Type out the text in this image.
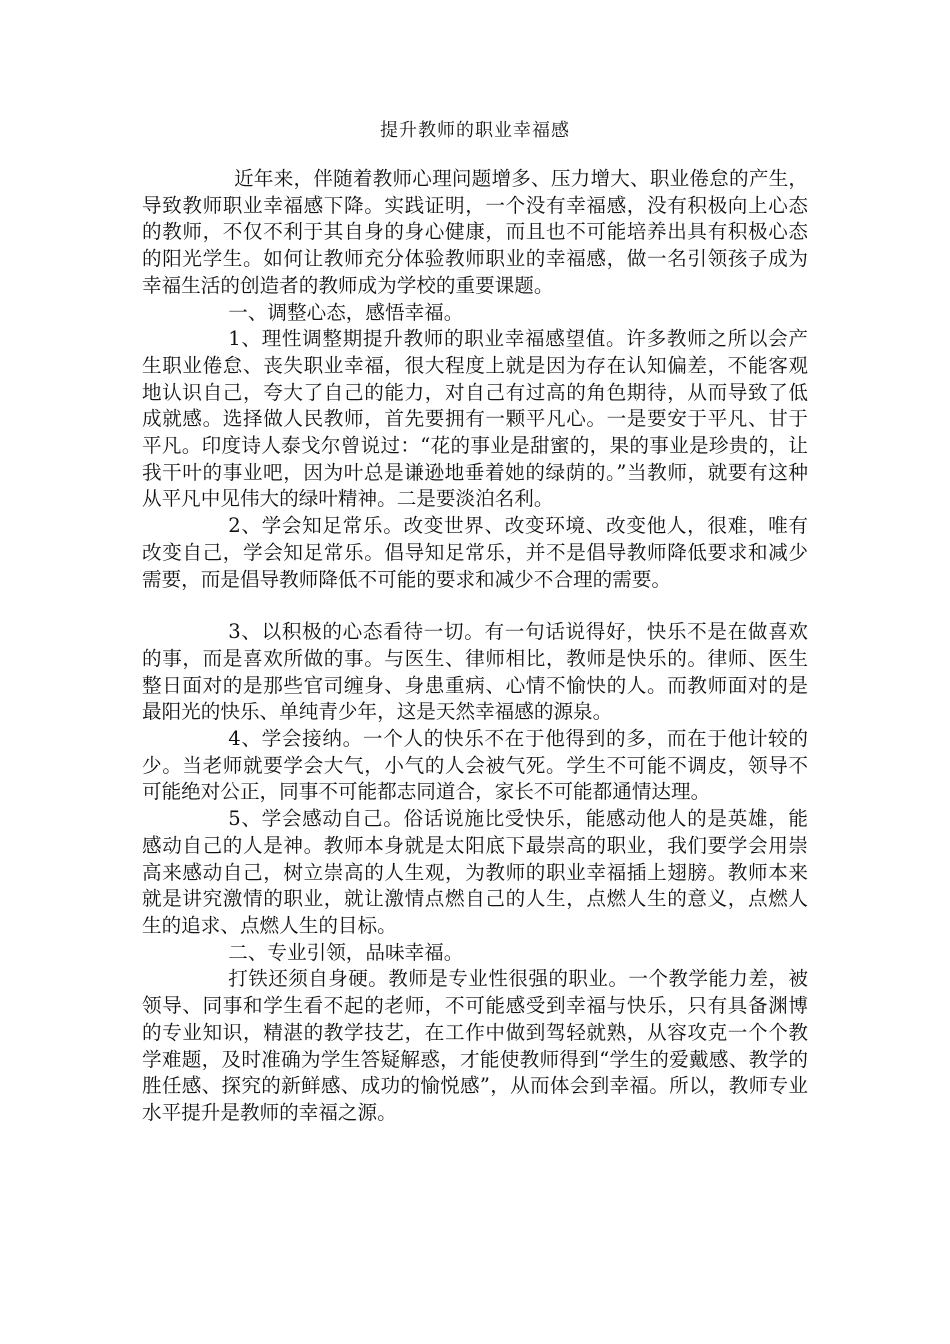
提升教师的职业幸福感

近年来，伴随着教师心理问题增多、压力增大、职业倦怠的产生，导致教师职业幸福感下降。实践证明，一个没有幸福感，没有积极向上心态的教师，不仅不利于其自身的身心健康，而且也不可能培养出具有积极心态的阳光学生。如何让教师充分体验教师职业的幸福感，做一名引领孩子成为幸福生活的创造者的教师成为学校的重要课题。

一、调整心态，感悟幸福。

1、理性调整期提升教师的职业幸福感望值。许多教师之所以会产生职业倦怠、丧失职业幸福，很大程度上就是因为存在认知偏差，不能客观地认识自己，夸大了自己的能力，对自己有过高的角色期待，从而导致了低成就感。选择做人民教师，首先要拥有一颗平凡心。一是要安于平凡、甘于平凡。印度诗人泰戈尔曾说过：“花的事业是甜蜜的，果的事业是珍贵的，让我干叶的事业吧，因为叶总是谦逊地垂着她的绿荫的。”当教师，就要有这种从平凡中见伟大的绿叶精神。二是要淡泊名利。

2、学会知足常乐。改变世界、改变环境、改变他人，很难，唯有改变自己，学会知足常乐。倡导知足常乐，并不是倡导教师降低要求和减少需要，而是倡导教师降低不可能的要求和减少不合理的需要。

3、以积极的心态看待一切。有一句话说得好，快乐不是在做喜欢的事，而是喜欢所做的事。与医生、律师相比，教师是快乐的。律师、医生整日面对的是那些官司缠身、身患重病、心情不愉快的人。而教师面对的是最阳光的快乐、单纯青少年，这是天然幸福感的源泉。

4、学会接纳。一个人的快乐不在于他得到的多，而在于他计较的少。当老师就要学会大气，小气的人会被气死。学生不可能不调皮，领导不可能绝对公正，同事不可能都志同道合，家长不可能都通情达理。

5、学会感动自己。俗话说施比受快乐，能感动他人的是英雄，能感动自己的人是神。教师本身就是太阳底下最崇高的职业，我们要学会用崇高来感动自己，树立崇高的人生观，为教师的职业幸福插上翅膀。教师本来就是讲究激情的职业，就让激情点燃自己的人生，点燃人生的意义，点燃人生的追求、点燃人生的目标。

二、专业引领，品味幸福。

打铁还须自身硬。教师是专业性很强的职业。一个教学能力差，被领导、同事和学生看不起的老师，不可能感受到幸福与快乐，只有具备渊博的专业知识，精湛的教学技艺，在工作中做到驾轻就熟，从容攻克一个个教学难题，及时准确为学生答疑解惑，才能使教师得到“学生的爱戴感、教学的胜任感、探究的新鲜感、成功的愉悦感”，从而体会到幸福。所以，教师专业水平提升是教师的幸福之源。
